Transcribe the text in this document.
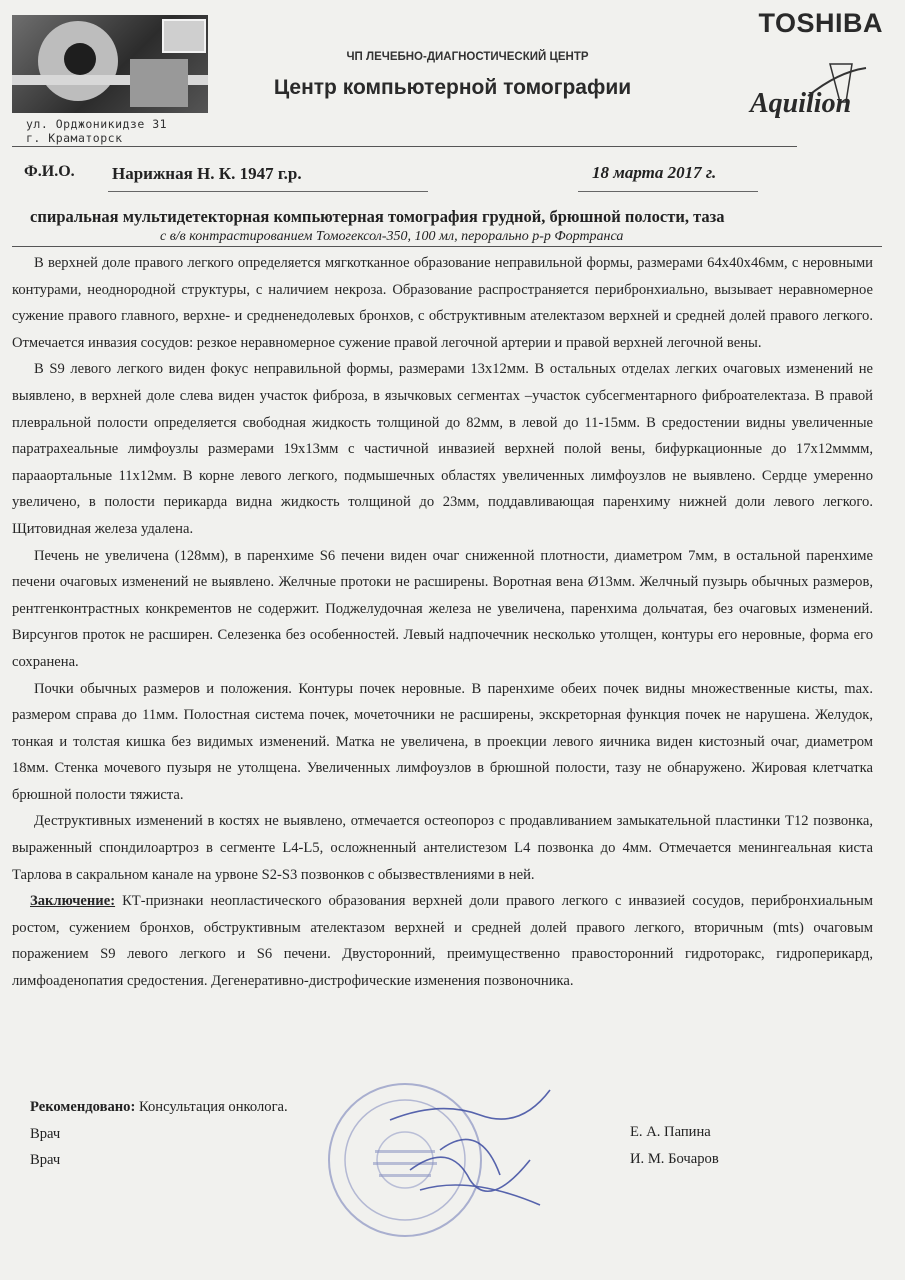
ул. Орджоникидзе 31
г. Краматорск
ЧП ЛЕЧЕБНО-ДИАГНОСТИЧЕСКИЙ ЦЕНТР
Центр компьютерной томографии
TOSHIBA
Aquilion
Ф.И.О. Нарижная Н. К. 1947 г.р.	18 марта 2017 г.
спиральная мультидетекторная компьютерная томография грудной, брюшной полости, таза
с в/в контрастированием Томогексол-350, 100 мл, перорально р-р Фортранса

В верхней доле правого легкого определяется мягкотканное образование неправильной формы, размерами 64х40х46мм, с неровными контурами, неоднородной структуры, с наличием некроза. Образование распространяется перибронхиально, вызывает неравномерное сужение правого главного, верхне- и средненедолевых бронхов, с обструктивным ателектазом верхней и средней долей правого легкого. Отмечается инвазия сосудов: резкое неравномерное сужение правой легочной артерии и правой верхней легочной вены.

В S9 левого легкого виден фокус неправильной формы, размерами 13х12мм. В остальных отделах легких очаговых изменений не выявлено, в верхней доле слева виден участок фиброза, в язычковых сегментах –участок субсегментарного фиброателектаза. В правой плевральной полости определяется свободная жидкость толщиной до 82мм, в левой до 11-15мм. В средостении видны увеличенные паратрахеальные лимфоузлы размерами 19х13мм с частичной инвазией верхней полой вены, бифуркационные до 17х12мммм, парааортальные 11х12мм. В корне левого легкого, подмышечных областях увеличенных лимфоузлов не выявлено. Сердце умеренно увеличено, в полости перикарда видна жидкость толщиной до 23мм, поддавливающая паренхиму нижней доли левого легкого. Щитовидная железа удалена.

Печень не увеличена (128мм), в паренхиме S6 печени виден очаг сниженной плотности, диаметром 7мм, в остальной паренхиме печени очаговых изменений не выявлено. Желчные протоки не расширены. Воротная вена Ø13мм. Желчный пузырь обычных размеров, рентгенконтрастных конкрементов не содержит. Поджелудочная железа не увеличена, паренхима дольчатая, без очаговых изменений. Вирсунгов проток не расширен. Селезенка без особенностей. Левый надпочечник несколько утолщен, контуры его неровные, форма его сохранена.

Почки обычных размеров и положения. Контуры почек неровные. В паренхиме обеих почек видны множественные кисты, max. размером справа до 11мм. Полостная система почек, мочеточники не расширены, экскреторная функция почек не нарушена. Желудок, тонкая и толстая кишка без видимых изменений. Матка не увеличена, в проекции левого яичника виден кистозный очаг, диаметром 18мм. Стенка мочевого пузыря не утолщена. Увеличенных лимфоузлов в брюшной полости, тазу не обнаружено. Жировая клетчатка брюшной полости тяжиста.

Деструктивных изменений в костях не выявлено, отмечается остеопороз с продавливанием замыкательной пластинки Т12 позвонка, выраженный спондилоартроз в сегменте L4-L5, осложненный антелистезом L4 позвонка до 4мм. Отмечается менингеальная киста Тарлова в сакральном канале на урвоне S2-S3 позвонков с обызвествлениями в ней.

Заключение: КТ-признаки неопластического образования верхней доли правого легкого с инвазией сосудов, перибронхиальным ростом, сужением бронхов, обструктивным ателектазом верхней и средней долей правого легкого, вторичным (mts) очаговым поражением S9 левого легкого и S6 печени. Двусторонний, преимущественно правосторонний гидроторакс, гидроперикард, лимфоаденопатия средостения. Дегенеративно-дистрофические изменения позвоночника.

Рекомендовано: Консультация онколога.
Врач	Е. А. Папина
Врач	И. М. Бочаров
